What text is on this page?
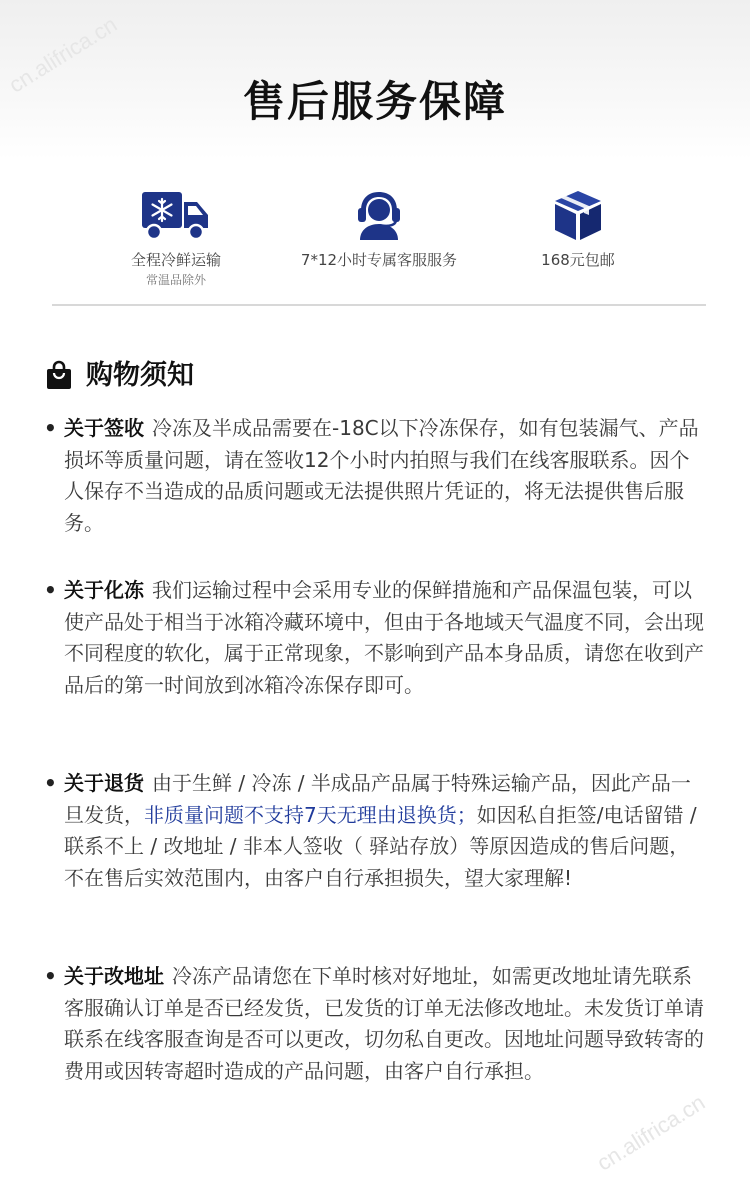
cn.alifrica.cn
cn.alifrica.cn
售后服务保障
全程冷鲜运输
常温品除外
7*12小时专属客服服务	168元包邮
购物须知
• 关于签收 冷冻及半成品需要在-18C以下冷冻保存，如有包装漏气、产品损坏等质量问题，请在签收12个小时内拍照与我们在线客服联系。因个人保存不当造成的品质问题或无法提供照片凭证的，将无法提供售后服务。
• 关于化冻 我们运输过程中会采用专业的保鲜措施和产品保温包装，可以使产品处于相当于冰箱冷藏环境中，但由于各地域天气温度不同，会出现不同程度的软化，属于正常现象，不影响到产品本身品质，请您在收到产品后的第一时间放到冰箱冷冻保存即可。
• 关于退货 由于生鲜 / 冷冻 / 半成品产品属于特殊运输产品，因此产品一旦发货，非质量问题不支持7天无理由退换货；如因私自拒签/电话留错 / 联系不上 / 改地址 / 非本人签收（ 驿站存放）等原因造成的售后问题，不在售后实效范围内，由客户自行承担损失，望大家理解!
• 关于改地址 冷冻产品请您在下单时核对好地址，如需更改地址请先联系客服确认订单是否已经发货，已发货的订单无法修改地址。未发货订单请联系在线客服查询是否可以更改，切勿私自更改。因地址问题导致转寄的费用或因转寄超时造成的产品问题，由客户自行承担。
